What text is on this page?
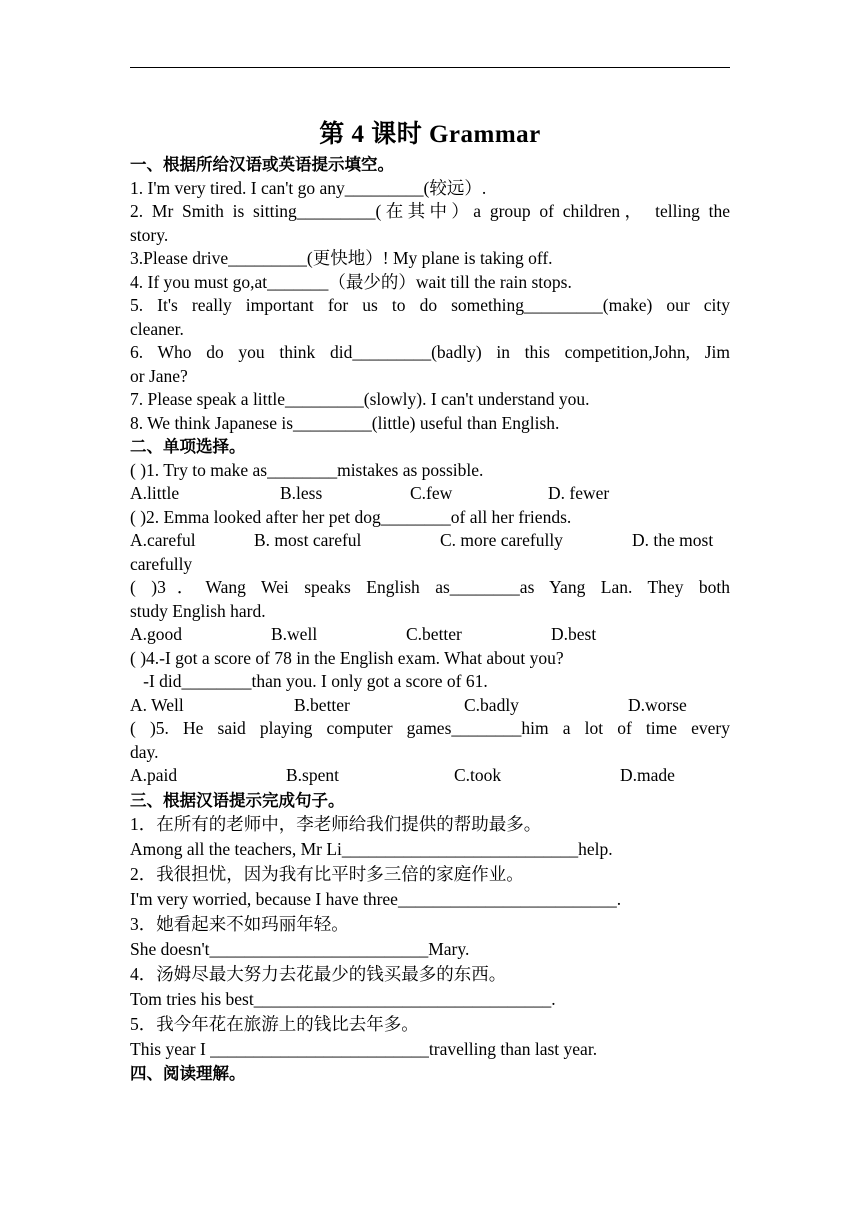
第 4 课时 Grammar
一、根据所给汉语或英语提示填空。
1. I'm very tired. I can't go any_________(较远）.
2. Mr Smith is sitting_________(在其中）a group of children， telling the
story.
3.Please drive_________(更快地）! My plane is taking off.
4. If you must go,at_______（最少的）wait till the rain stops.
5. It's really important for us to do something_________(make) our city
cleaner.
6. Who do you think did_________(badly) in this competition,John, Jim
or Jane?
7. Please speak a little_________(slowly). I can't understand you.
8. We think Japanese is_________(little) useful than English.
二、单项选择。
( )1. Try to make as________mistakes as possible.
A.little	B.less	C.few	D. fewer
( )2. Emma looked after her pet dog________of all her friends.
A.careful	B. most careful	C. more carefully	D. the most
carefully
( )3．Wang Wei speaks English as________as Yang Lan. They both
study English hard.
A.good	B.well	C.better	D.best
( )4.-I got a score of 78 in the English exam. What about you?
-I did________than you. I only got a score of 61.
A. Well	B.better	C.badly	D.worse
( )5. He said playing computer games________him a lot of time every
day.
A.paid	B.spent	C.took	D.made
三、根据汉语提示完成句子。
1．在所有的老师中，李老师给我们提供的帮助最多。
Among all the teachers, Mr Li___________________________help.
2．我很担忧，因为我有比平时多三倍的家庭作业。
I'm very worried, because I have three_________________________.
3．她看起来不如玛丽年轻。
She doesn't_________________________Mary.
4．汤姆尽最大努力去花最少的钱买最多的东西。
Tom tries his best__________________________________.
5．我今年花在旅游上的钱比去年多。
This year I _________________________travelling than last year.
四、阅读理解。
